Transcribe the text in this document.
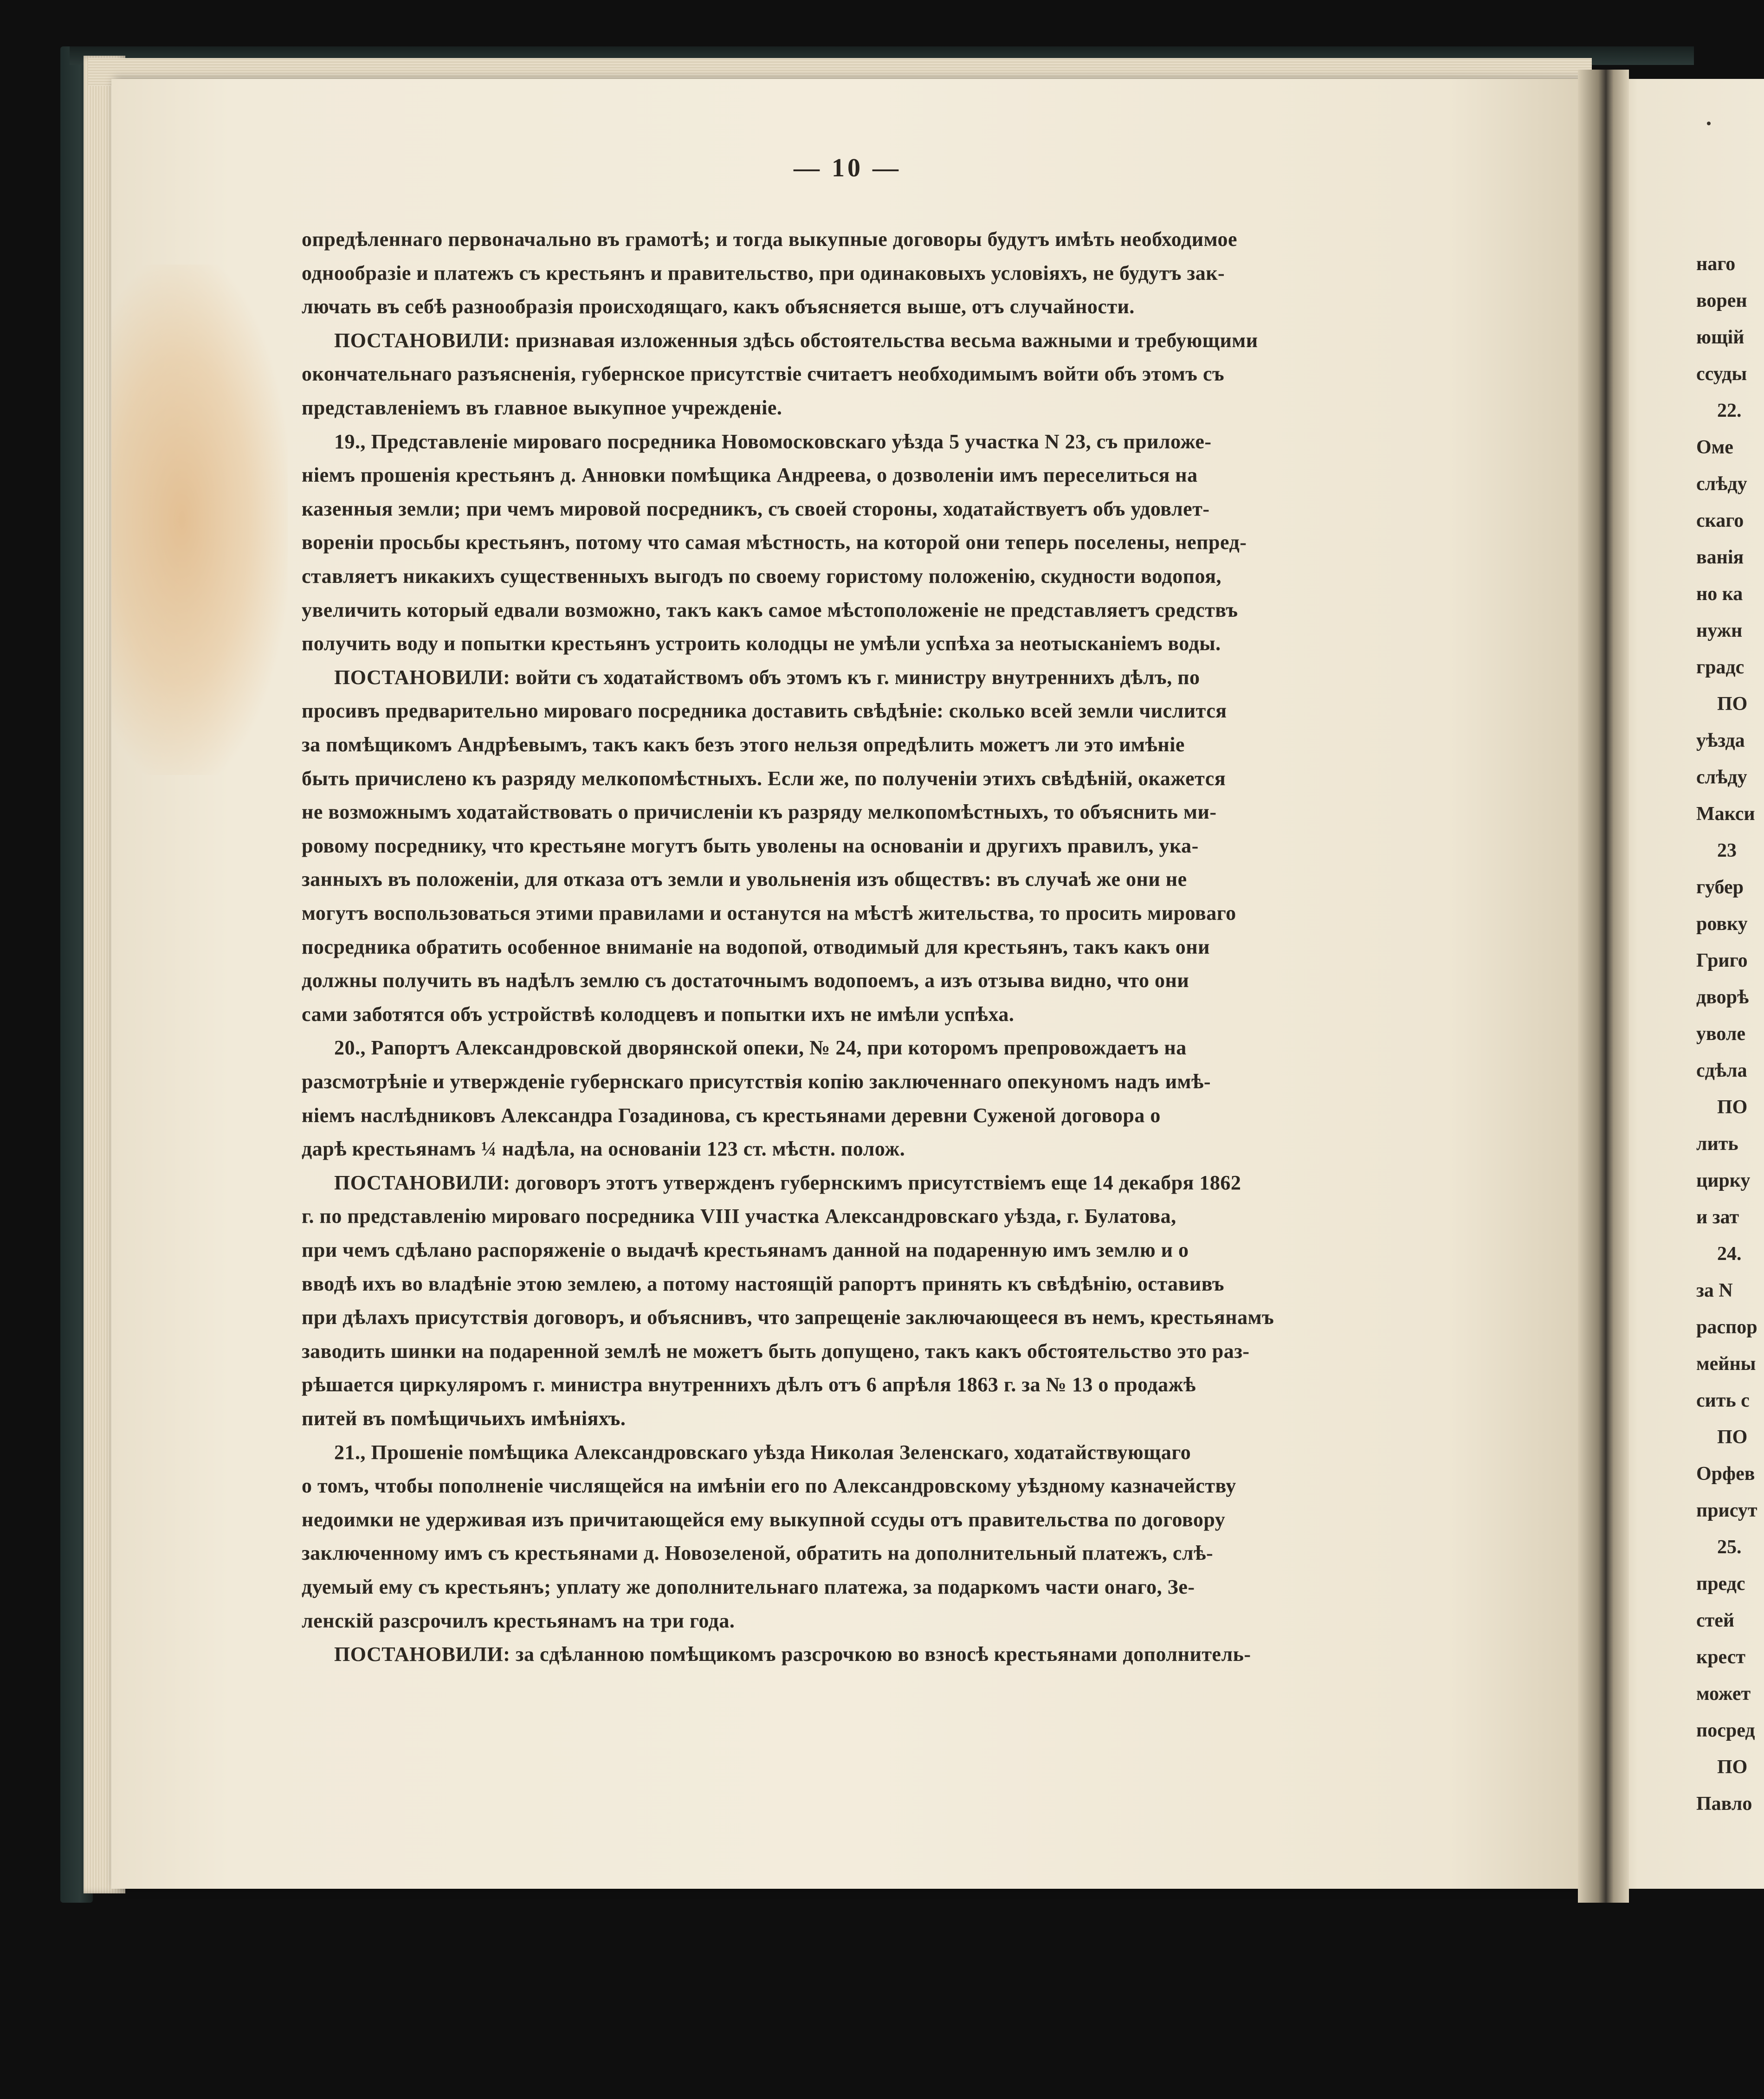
— 10 —
опредѣленнаго первоначально въ грамотѣ; и тогда выкупные договоры будутъ имѣть необходимое
однообразіе и платежъ съ крестьянъ и правительство, при одинаковыхъ условіяхъ, не будутъ зак-
лючать въ себѣ разнообразія происходящаго, какъ объясняется выше, отъ случайности.
ПОСТАНОВИЛИ: признавая изложенныя здѣсь обстоятельства весьма важными и требующими
окончательнаго разъясненія, губернское присутствіе считаетъ необходимымъ войти объ этомъ съ
представленіемъ въ главное выкупное учрежденіе.
19., Представленіе мироваго посредника Новомосковскаго уѣзда 5 участка N 23, съ приложе-
ніемъ прошенія крестьянъ д. Анновки помѣщика Андреева, о дозволеніи имъ переселиться на
казенныя земли; при чемъ мировой посредникъ, съ своей стороны, ходатайствуетъ объ удовлет-
вореніи просьбы крестьянъ, потому что самая мѣстность, на которой они теперь поселены, непред-
ставляетъ никакихъ существенныхъ выгодъ по своему гористому положенію, скудности водопоя,
увеличить который едвали возможно, такъ какъ самое мѣстоположеніе не представляетъ средствъ
получить воду и попытки крестьянъ устроить колодцы не умѣли успѣха за неотысканіемъ воды.
ПОСТАНОВИЛИ: войти съ ходатайствомъ объ этомъ къ г. министру внутреннихъ дѣлъ, по
просивъ предварительно мироваго посредника доставить свѣдѣніе: сколько всей земли числится
за помѣщикомъ Андрѣевымъ, такъ какъ безъ этого нельзя опредѣлить можетъ ли это имѣніе
быть причислено къ разряду мелкопомѣстныхъ. Если же, по полученіи этихъ свѣдѣній, окажется
не возможнымъ ходатайствовать о причисленіи къ разряду мелкопомѣстныхъ, то объяснить ми-
ровому посреднику, что крестьяне могутъ быть уволены на основаніи и другихъ правилъ, ука-
занныхъ въ положеніи, для отказа отъ земли и увольненія изъ обществъ: въ случаѣ же они не
могутъ воспользоваться этими правилами и останутся на мѣстѣ жительства, то просить мироваго
посредника обратить особенное вниманіе на водопой, отводимый для крестьянъ, такъ какъ они
должны получить въ надѣлъ землю съ достаточнымъ водопоемъ, а изъ отзыва видно, что они
сами заботятся объ устройствѣ колодцевъ и попытки ихъ не имѣли успѣха.
20., Рапортъ Александровской дворянской опеки, № 24, при которомъ препровождаетъ на
разсмотрѣніе и утвержденіе губернскаго присутствія копію заключеннаго опекуномъ надъ имѣ-
ніемъ наслѣдниковъ Александра Гозадинова, съ крестьянами деревни Суженой договора о
дарѣ крестьянамъ ¼ надѣла, на основаніи 123 ст. мѣстн. полож.
ПОСТАНОВИЛИ: договоръ этотъ утвержденъ губернскимъ присутствіемъ еще 14 декабря 1862
г. по представленію мироваго посредника VIII участка Александровскаго уѣзда, г. Булатова,
при чемъ сдѣлано распоряженіе о выдачѣ крестьянамъ данной на подаренную имъ землю и о
вводѣ ихъ во владѣніе этою землею, а потому настоящій рапортъ принять къ свѣдѣнію, оставивъ
при дѣлахъ присутствія договоръ, и объяснивъ, что запрещеніе заключающееся въ немъ, крестьянамъ
заводить шинки на подаренной землѣ не можетъ быть допущено, такъ какъ обстоятельство это раз-
рѣшается циркуляромъ г. министра внутреннихъ дѣлъ отъ 6 апрѣля 1863 г. за № 13 о продажѣ
питей въ помѣщичьихъ имѣніяхъ.
21., Прошеніе помѣщика Александровскаго уѣзда Николая Зеленскаго, ходатайствующаго
о томъ, чтобы пополненіе числящейся на имѣніи его по Александровскому уѣздному казначейству
недоимки не удерживая изъ причитающейся ему выкупной ссуды отъ правительства по договору
заключенному имъ съ крестьянами д. Новозеленой, обратить на дополнительный платежъ, слѣ-
дуемый ему съ крестьянъ; уплату же дополнительнаго платежа, за подаркомъ части онаго, Зе-
ленскій разсрочилъ крестьянамъ на три года.
ПОСТАНОВИЛИ: за сдѣланною помѣщикомъ разсрочкою во взносѣ крестьянами дополнитель-
наго
ворен
ющій
ссуды
22.
Оме
слѣду
скаго
ванія
но ка
нужн
градс
ПО
уѣзда
слѣду
Макси
23
губер
ровку
Григо
дворѣ
уволе
сдѣла
ПО
лить
цирку
и зат
24.
за N
распор
мейны
сить с
ПО
Орфев
присут
25.
предс
стей
крест
может
посред
ПО
Павло
